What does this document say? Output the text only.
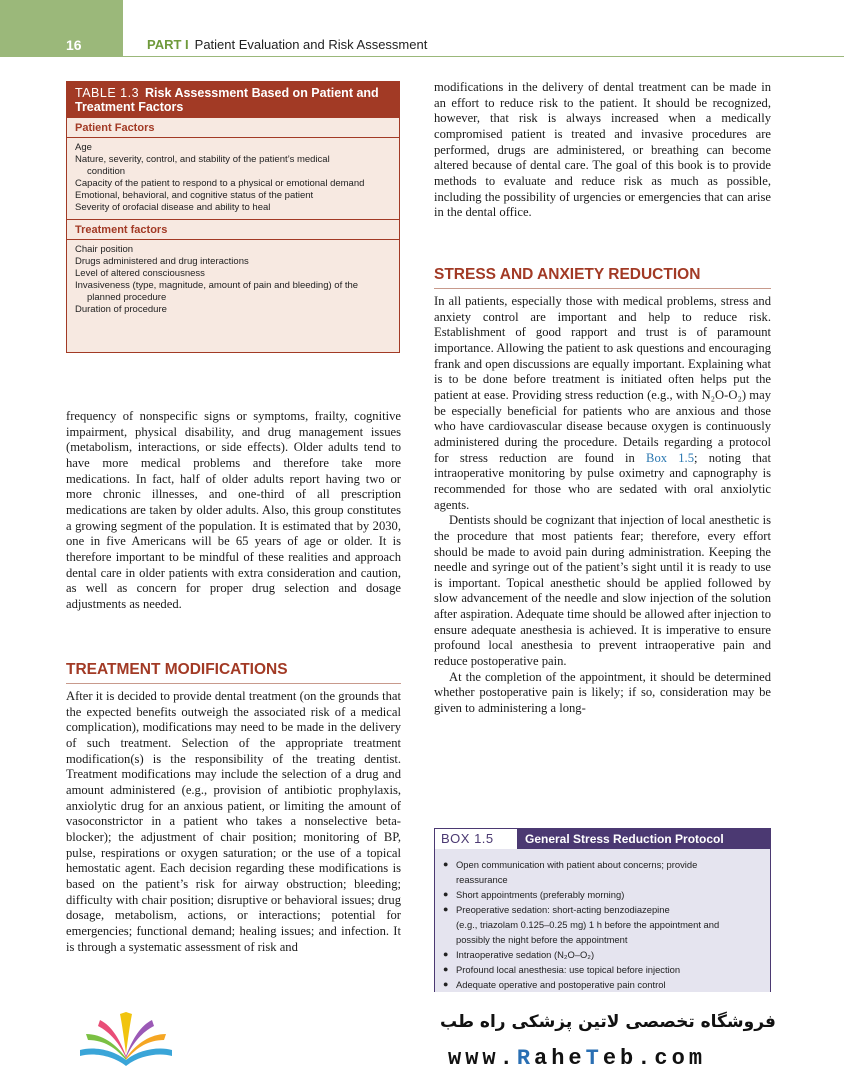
16	PART I Patient Evaluation and Risk Assessment
TABLE 1.3 Risk Assessment Based on Patient and Treatment Factors
Patient Factors
Age
Nature, severity, control, and stability of the patient’s medical
condition
Capacity of the patient to respond to a physical or emotional demand
Emotional, behavioral, and cognitive status of the patient
Severity of orofacial disease and ability to heal
Treatment factors
Chair position
Drugs administered and drug interactions
Level of altered consciousness
Invasiveness (type, magnitude, amount of pain and bleeding) of the
planned procedure
Duration of procedure

frequency of nonspecific signs or symptoms, frailty, cognitive impairment, physical disability, and drug management issues (metabolism, interactions, or side effects). Older adults tend to have more medical problems and therefore take more medications. In fact, half of older adults report having two or more chronic illnesses, and one-third of all prescription medications are taken by older adults. Also, this group constitutes a growing segment of the population. It is estimated that by 2030, one in five Americans will be 65 years of age or older. It is therefore important to be mindful of these realities and approach dental care in older patients with extra consideration and caution, as well as concern for proper drug selection and dosage adjustments as needed.

TREATMENT MODIFICATIONS

After it is decided to provide dental treatment (on the grounds that the expected benefits outweigh the associated risk of a medical complication), modifications may need to be made in the delivery of such treatment. Selection of the appropriate treatment modification(s) is the responsibility of the treating dentist. Treatment modifications may include the selection of a drug and amount administered (e.g., provision of antibiotic prophylaxis, anxiolytic drug for an anxious patient, or limiting the amount of vasoconstrictor in a patient who takes a nonselective beta-blocker); the adjustment of chair position; monitoring of BP, pulse, respirations or oxygen saturation; or the use of a topical hemostatic agent. Each decision regarding these modifications is based on the patient’s risk for airway obstruction; bleeding; difficulty with chair position; disruptive or behavioral issues; drug dosage, metabolism, actions, or interactions; potential for emergencies; functional demand; healing issues; and infection. It is through a systematic assessment of risk and

modifications in the delivery of dental treatment can be made in an effort to reduce risk to the patient. It should be recognized, however, that risk is always increased when a medically compromised patient is treated and invasive procedures are performed, drugs are administered, or breathing can become altered because of dental care. The goal of this book is to provide methods to evaluate and reduce risk as much as possible, including the possibility of urgencies or emergencies that can arise in the dental office.

STRESS AND ANXIETY REDUCTION

In all patients, especially those with medical problems, stress and anxiety control are important and help to reduce risk. Establishment of good rapport and trust is of paramount importance. Allowing the patient to ask questions and encouraging frank and open discussions are equally important. Explaining what is to be done before treatment is initiated often helps put the patient at ease. Providing stress reduction (e.g., with N₂O-O₂) may be especially beneficial for patients who are anxious and those who have cardiovascular disease because oxygen is continuously administered during the procedure. Details regarding a protocol for stress reduction are found in Box 1.5; noting that intraoperative monitoring by pulse oximetry and capnography is recommended for those who are sedated with oral anxiolytic agents.

Dentists should be cognizant that injection of local anesthetic is the procedure that most patients fear; therefore, every effort should be made to avoid pain during administration. Keeping the needle and syringe out of the patient’s sight until it is ready to use is important. Topical anesthetic should be applied followed by slow advancement of the needle and slow injection of the solution after aspiration. Adequate time should be allowed after injection to ensure adequate anesthesia is achieved. It is imperative to ensure profound local anesthesia to prevent intraoperative pain and reduce postoperative pain.

At the completion of the appointment, it should be determined whether postoperative pain is likely; if so, consideration may be given to administering a long-

BOX 1.5	General Stress Reduction Protocol
● Open communication with patient about concerns; provide
reassurance
● Short appointments (preferably morning)
● Preoperative sedation: short-acting benzodiazepine
(e.g., triazolam 0.125–0.25 mg) 1 h before the appointment and
possibly the night before the appointment
● Intraoperative sedation (N₂O–O₂)
● Profound local anesthesia: use topical before injection
● Adequate operative and postoperative pain control
فروشگاه تخصصی لاتین پزشکی راه طب
www.RaheTeb.com
